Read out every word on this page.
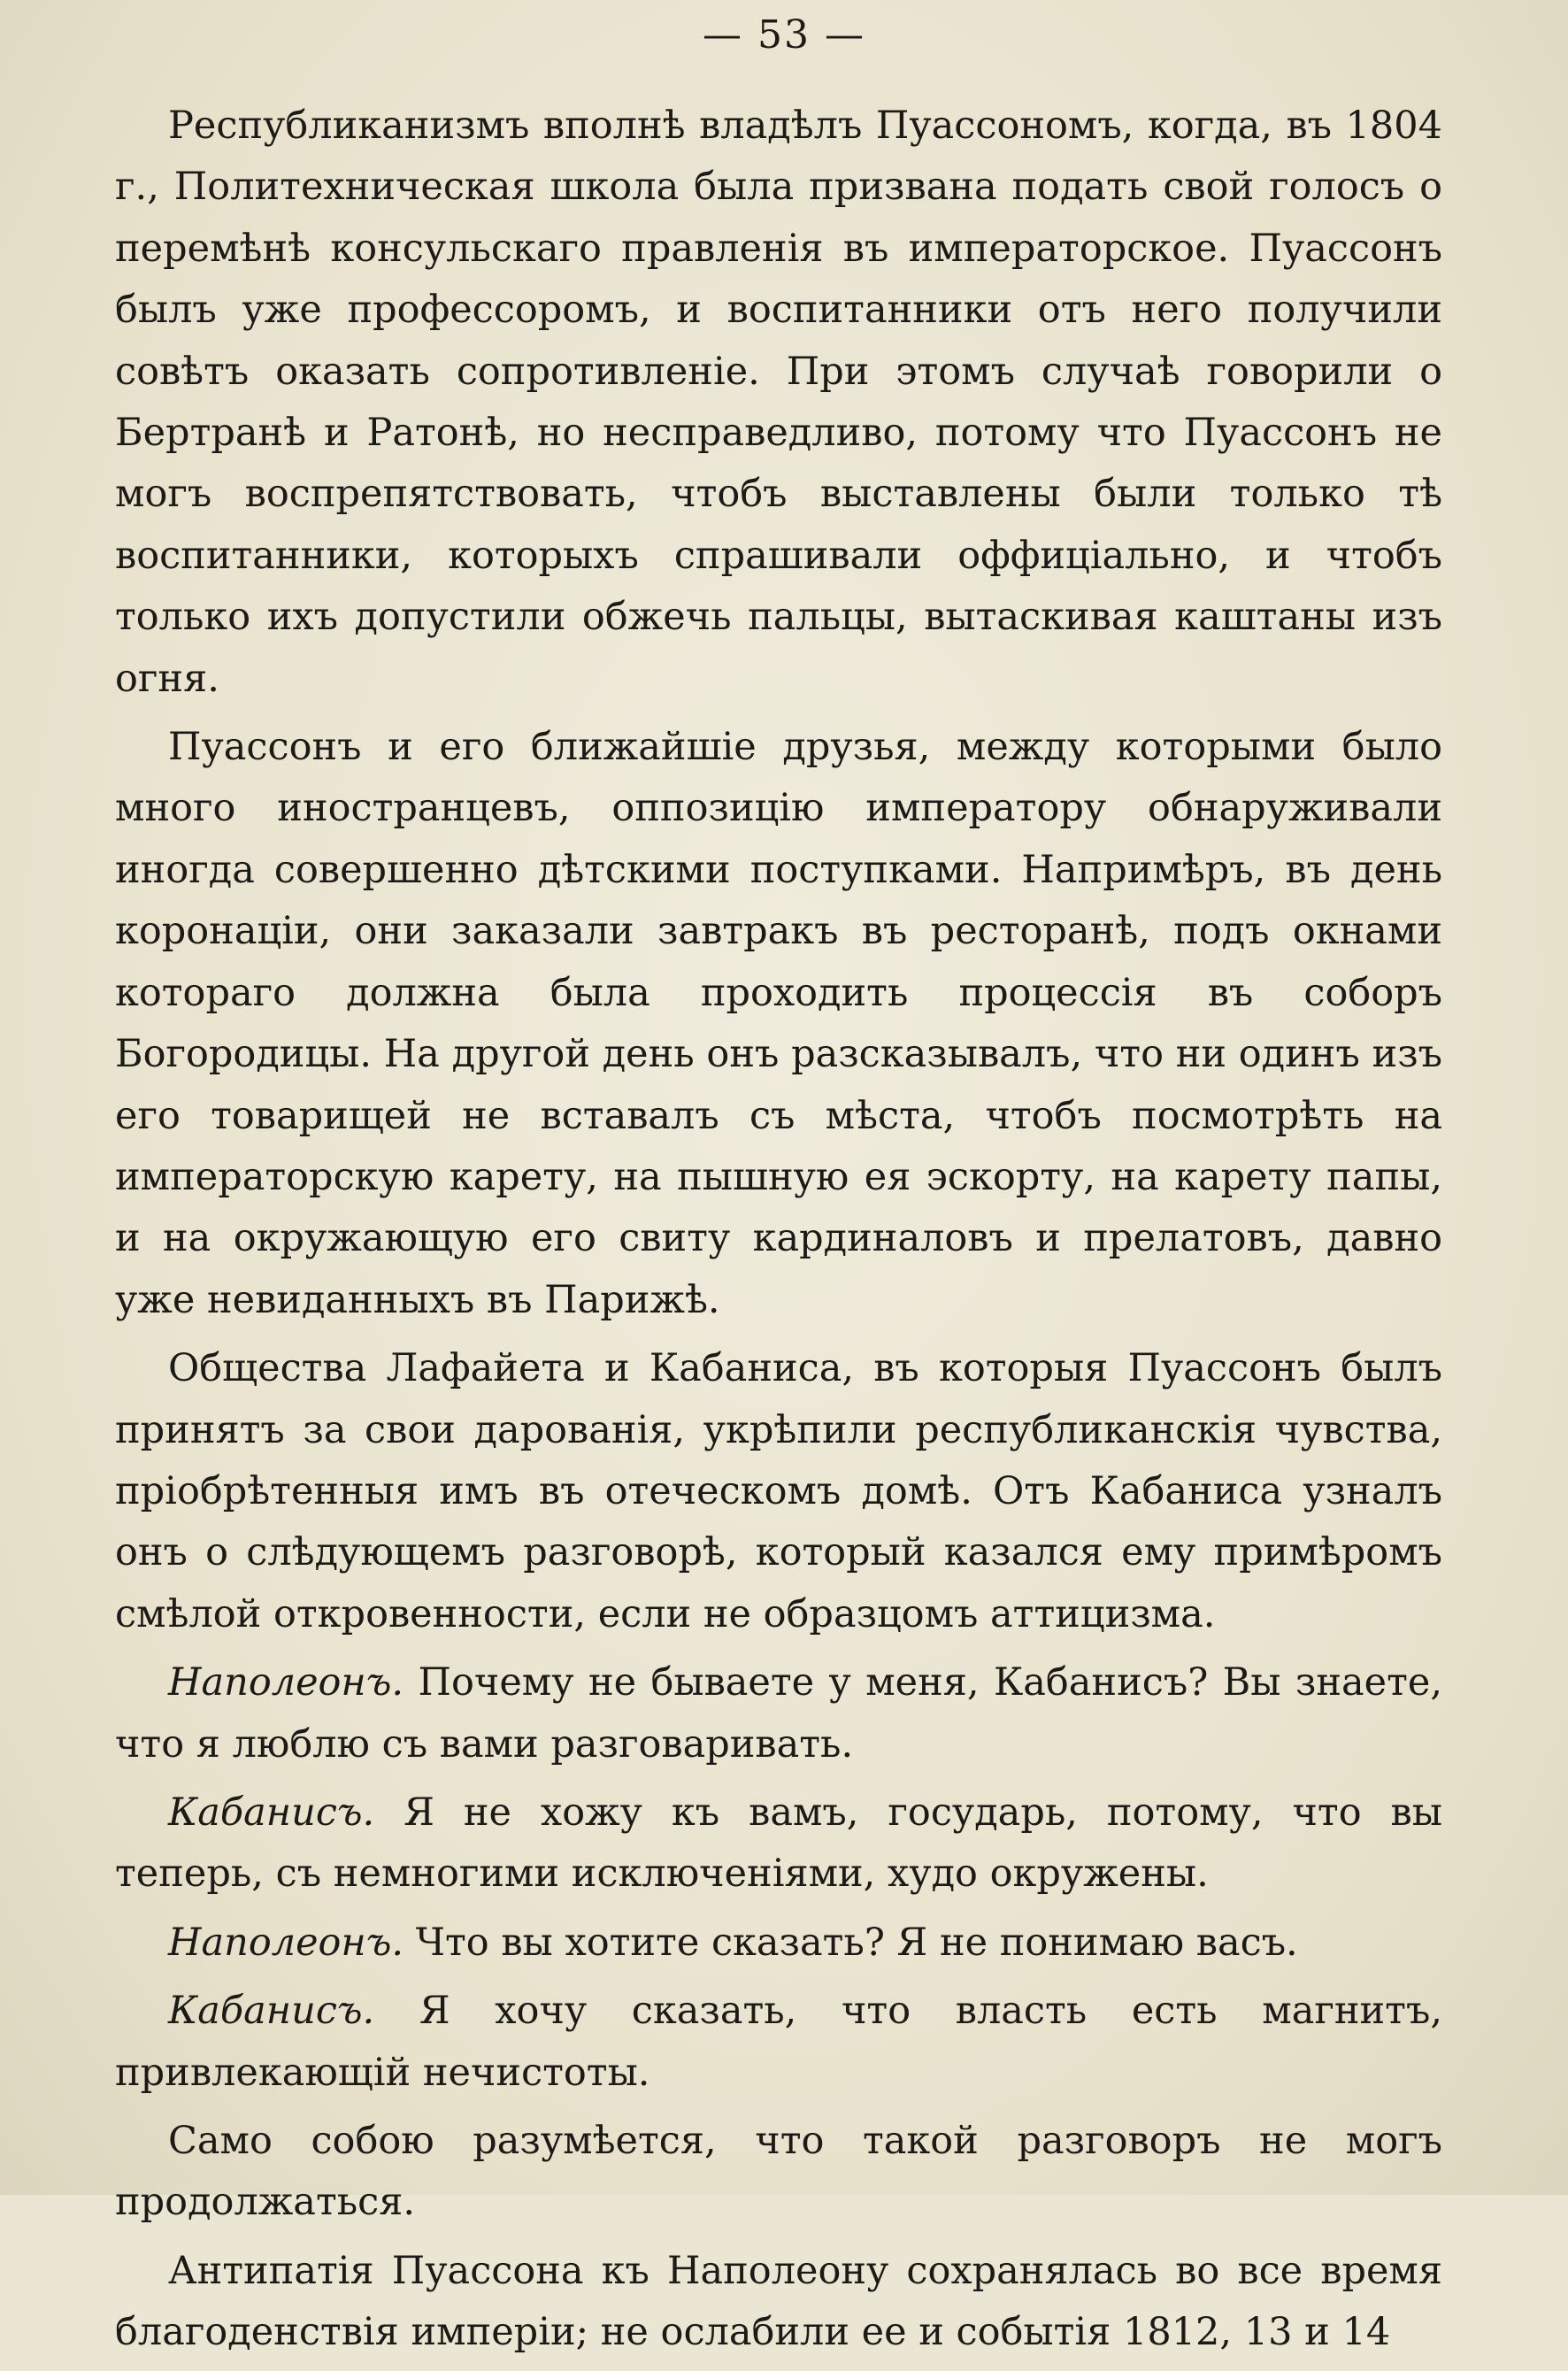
— 53 —

Республиканизмъ вполнѣ владѣлъ Пуассономъ, когда, въ 1804 г., Политехническая школа была призвана подать свой голосъ о перемѣнѣ консульскаго правленія въ императорское. Пуассонъ былъ уже профессоромъ, и воспитанники отъ него получили совѣтъ оказать сопротивленіе. При этомъ случаѣ говорили о Бертранѣ и Ратонѣ, но несправедливо, потому что Пуассонъ не могъ воспрепятствовать, чтобъ выставлены были только тѣ воспитанники, которыхъ спрашивали оффиціально, и чтобъ только ихъ допустили обжечь пальцы, вытаскивая каштаны изъ огня.

Пуассонъ и его ближайшіе друзья, между которыми было много иностранцевъ, оппозицію императору обнаруживали иногда совершенно дѣтскими поступками. Напримѣръ, въ день коронаціи, они заказали завтракъ въ ресторанѣ, подъ окнами котораго должна была проходить процессія въ соборъ Богородицы. На другой день онъ разсказывалъ, что ни одинъ изъ его товарищей не вставалъ съ мѣста, чтобъ посмотрѣть на императорскую карету, на пышную ея эскорту, на карету папы, и на окружающую его свиту кардиналовъ и прелатовъ, давно уже невиданныхъ въ Парижѣ.

Общества Лафайета и Кабаниса, въ которыя Пуассонъ былъ принятъ за свои дарованія, укрѣпили республиканскія чувства, пріобрѣтенныя имъ въ отеческомъ домѣ. Отъ Кабаниса узналъ онъ о слѣдующемъ разговорѣ, который казался ему примѣромъ смѣлой откровенности, если не образцомъ аттицизма.

Наполеонъ. Почему не бываете у меня, Кабанисъ? Вы знаете, что я люблю съ вами разговаривать.

Кабанисъ. Я не хожу къ вамъ, государь, потому, что вы теперь, съ немногими исключеніями, худо окружены.

Наполеонъ. Что вы хотите сказать? Я не понимаю васъ.

Кабанисъ. Я хочу сказать, что власть есть магнитъ, привлекающій нечистоты.

Само собою разумѣется, что такой разговоръ не могъ продолжаться.

Антипатія Пуассона къ Наполеону сохранялась во все время благоденствія имперіи; не ослабили ее и событія 1812, 13 и 14
